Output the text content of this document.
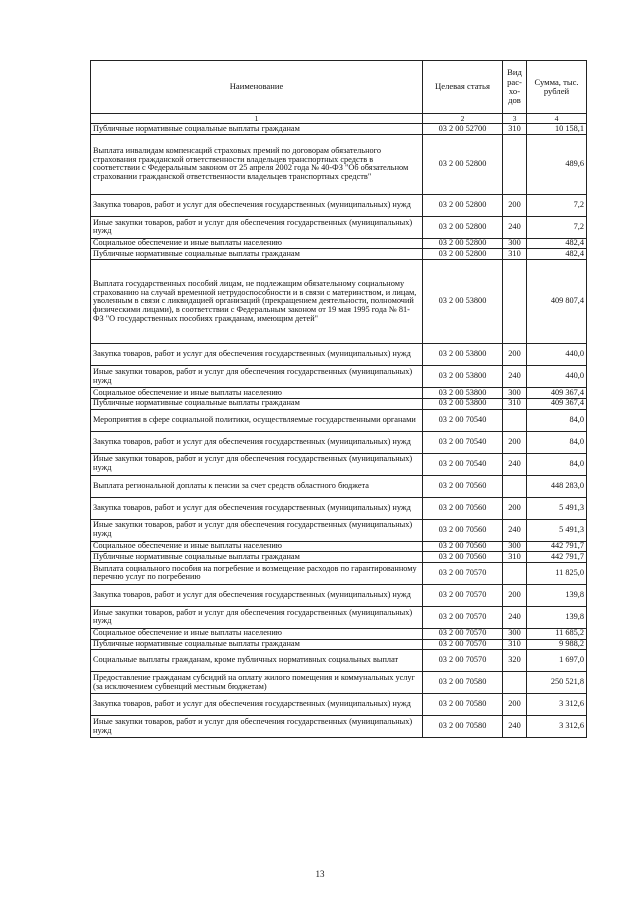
Наименование	Целевая статья	Вид рас-хо-дов	Сумма, тыс. рублей
1	2	3	4
Публичные нормативные социальные выплаты гражданам	03 2 00 52700	310	10 158,1
Выплата инвалидам компенсаций страховых премий по договорам обязательного страхования гражданской ответственности владельцев транспортных средств в соответствии с Федеральным законом от 25 апреля 2002 года № 40-ФЗ "Об обязательном страховании гражданской ответственности владельцев транспортных средств"	03 2 00 52800		489,6
Закупка товаров, работ и услуг для обеспечения государственных (муниципальных) нужд	03 2 00 52800	200	7,2
Иные закупки товаров, работ и услуг для обеспечения государственных (муниципальных) нужд	03 2 00 52800	240	7,2
Социальное обеспечение и иные выплаты населению	03 2 00 52800	300	482,4
Публичные нормативные социальные выплаты гражданам	03 2 00 52800	310	482,4
Выплата государственных пособий лицам, не подлежащим обязательному социальному страхованию на случай временной нетрудоспособности и в связи с материнством, и лицам, уволенным в связи с ликвидацией организаций (прекращением деятельности, полномочий физическими лицами), в соответствии с Федеральным законом от 19 мая 1995 года № 81-ФЗ "О государственных пособиях гражданам, имеющим детей"	03 2 00 53800		409 807,4
Закупка товаров, работ и услуг для обеспечения государственных (муниципальных) нужд	03 2 00 53800	200	440,0
Иные закупки товаров, работ и услуг для обеспечения государственных (муниципальных) нужд	03 2 00 53800	240	440,0
Социальное обеспечение и иные выплаты населению	03 2 00 53800	300	409 367,4
Публичные нормативные социальные выплаты гражданам	03 2 00 53800	310	409 367,4
Мероприятия в сфере социальной политики, осуществляемые государственными органами	03 2 00 70540		84,0
Закупка товаров, работ и услуг для обеспечения государственных (муниципальных) нужд	03 2 00 70540	200	84,0
Иные закупки товаров, работ и услуг для обеспечения государственных (муниципальных) нужд	03 2 00 70540	240	84,0
Выплата региональной доплаты к пенсии за счет средств областного бюджета	03 2 00 70560		448 283,0
Закупка товаров, работ и услуг для обеспечения государственных (муниципальных) нужд	03 2 00 70560	200	5 491,3
Иные закупки товаров, работ и услуг для обеспечения государственных (муниципальных) нужд	03 2 00 70560	240	5 491,3
Социальное обеспечение и иные выплаты населению	03 2 00 70560	300	442 791,7
Публичные нормативные социальные выплаты гражданам	03 2 00 70560	310	442 791,7
Выплата социального пособия на погребение и возмещение расходов по гарантированному перечню услуг по погребению	03 2 00 70570		11 825,0
Закупка товаров, работ и услуг для обеспечения государственных (муниципальных) нужд	03 2 00 70570	200	139,8
Иные закупки товаров, работ и услуг для обеспечения государственных (муниципальных) нужд	03 2 00 70570	240	139,8
Социальное обеспечение и иные выплаты населению	03 2 00 70570	300	11 685,2
Публичные нормативные социальные выплаты гражданам	03 2 00 70570	310	9 988,2
Социальные выплаты гражданам, кроме публичных нормативных социальных выплат	03 2 00 70570	320	1 697,0
Предоставление гражданам субсидий на оплату жилого помещения и коммунальных услуг (за исключением субвенций местным бюджетам)	03 2 00 70580		250 521,8
Закупка товаров, работ и услуг для обеспечения государственных (муниципальных) нужд	03 2 00 70580	200	3 312,6
Иные закупки товаров, работ и услуг для обеспечения государственных (муниципальных) нужд	03 2 00 70580	240	3 312,6
13
